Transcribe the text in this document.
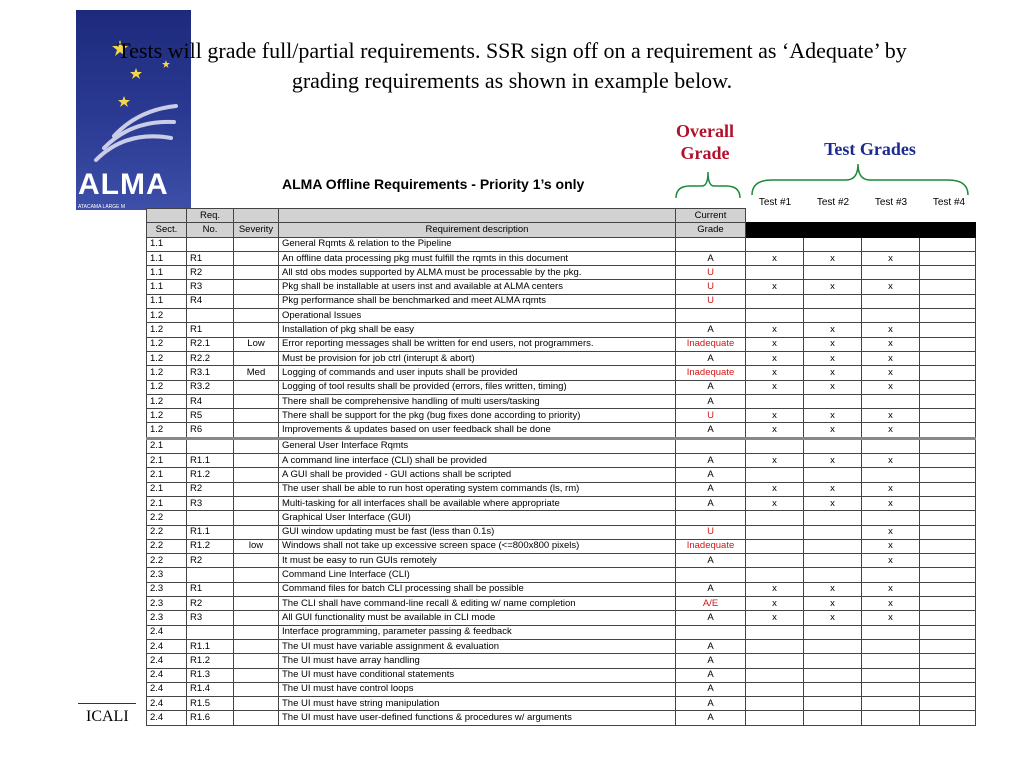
ALMA
ATACAMA LARGE M
Tests will grade full/partial requirements. SSR sign off on a requirement as ‘Adequate’ by
grading requirements as shown in example below.
Overall
Grade	Test Grades
ALMA Offline Requirements - Priority 1’s only
Test #1	Test #2	Test #3	Test #4
	Req.			Current				
Sect.	No.	Severity	Requirement description	Grade				
1.1			General Rqmts & relation to the Pipeline					
1.1	R1		An offline data processing pkg must fulfill the rqmts in this document	A	x	x	x	
1.1	R2		All std obs modes supported by ALMA must be processable by the pkg.	U				
1.1	R3		Pkg shall be installable at users inst and available at ALMA centers	U	x	x	x	
1.1	R4		Pkg performance shall be benchmarked and meet ALMA rqmts	U				
1.2			Operational Issues					
1.2	R1		Installation of pkg shall be easy	A	x	x	x	
1.2	R2.1	Low	Error reporting messages shall be written for end users, not programmers.	Inadequate	x	x	x	
1.2	R2.2		Must be provision for job ctrl (interupt & abort)	A	x	x	x	
1.2	R3.1	Med	Logging of commands and user inputs shall be provided	Inadequate	x	x	x	
1.2	R3.2		Logging of tool results shall be provided (errors, files written, timing)	A	x	x	x	
1.2	R4		There shall be comprehensive handling of multi users/tasking	A				
1.2	R5		There shall be support for the pkg (bug fixes done according to priority)	U	x	x	x	
1.2	R6		Improvements & updates based on user feedback shall be done	A	x	x	x	
2.1			General User Interface Rqmts					
2.1	R1.1		A command line interface (CLI) shall be provided	A	x	x	x	
2.1	R1.2		A GUI shall be provided - GUI actions shall be scripted	A				
2.1	R2		The user shall be able to run host operating system commands (ls, rm)	A	x	x	x	
2.1	R3		Multi-tasking for all interfaces shall be available where appropriate	A	x	x	x	
2.2			Graphical User Interface (GUI)					
2.2	R1.1		GUI window updating must be fast (less than 0.1s)	U			x	
2.2	R1.2	low	Windows shall not take up excessive screen space (<=800x800 pixels)	Inadequate			x	
2.2	R2		It must be easy to run GUIs remotely	A			x	
2.3			Command Line Interface (CLI)					
2.3	R1		Command files for batch CLI processing shall be possible	A	x	x	x	
2.3	R2		The CLI shall have command-line recall & editing w/ name completion	A/E	x	x	x	
2.3	R3		All GUI functionality must be available in CLI mode	A	x	x	x	
2.4			Interface programming, parameter passing & feedback					
2.4	R1.1		The UI must have variable assignment & evaluation	A				
2.4	R1.2		The UI must have array handling	A				
2.4	R1.3		The UI must have conditional statements	A				
2.4	R1.4		The UI must have control loops	A				
2.4	R1.5		The UI must have string manipulation	A				
2.4	R1.6		The UI must have user-defined functions & procedures w/ arguments	A				
ICALI
